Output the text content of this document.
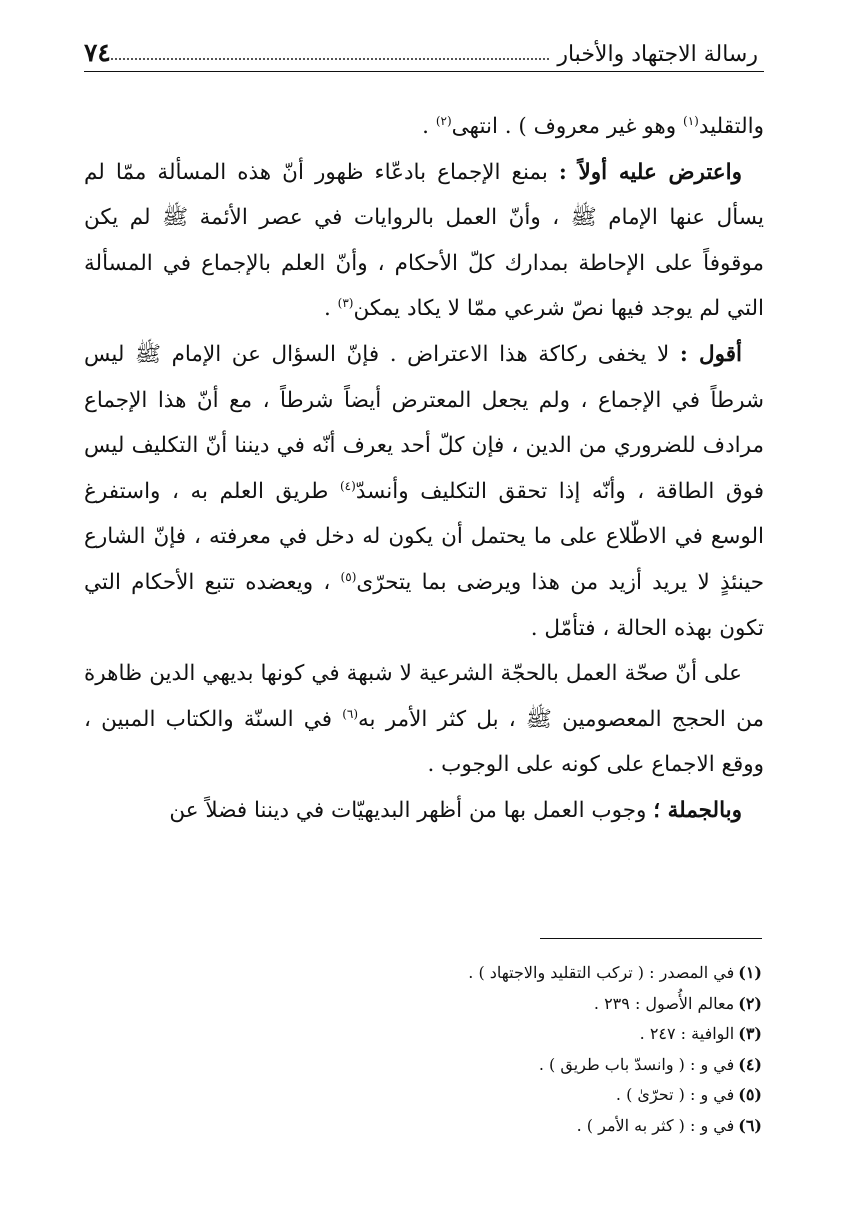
رسالة الاجتهاد والأخبار
٧٤

والتقليد$^{(١)}$ وهو غير معروف ) . انتهى$^{(٢)}$ .

واعترض عليه أولاً : بمنع الإجماع بادعّاء ظهور أنّ هذه المسألة ممّا لم يسأل عنها الإمام ﷺ ، وأنّ العمل بالروايات في عصر الأئمة ﷺ لم يكن موقوفاً على الإحاطة بمدارك كلّ الأحكام ، وأنّ العلم بالإجماع في المسألة التي لم يوجد فيها نصّ شرعي ممّا لا يكاد يمكن$^{(٣)}$ .

أقول : لا يخفى ركاكة هذا الاعتراض . فإنّ السؤال عن الإمام ﷺ ليس شرطاً في الإجماع ، ولم يجعل المعترض أيضاً شرطاً ، مع أنّ هذا الإجماع مرادف للضروري من الدين ، فإن كلّ أحد يعرف أنّه في ديننا أنّ التكليف ليس فوق الطاقة ، وأنّه إذا تحقق التكليف وأنسدّ$^{(٤)}$ طريق العلم به ، واستفرغ الوسع في الاطّلاع على ما يحتمل أن يكون له دخل في معرفته ، فإنّ الشارع حينئذٍ لا يريد أزيد من هذا ويرضى بما يتحرّى$^{(٥)}$ ، ويعضده تتبع الأحكام التي تكون بهذه الحالة ، فتأمّل .

على أنّ صحّة العمل بالحجّة الشرعية لا شبهة في كونها بديهي الدين ظاهرة من الحجج المعصومين ﷺ ، بل كثر الأمر به$^{(٦)}$ في السنّة والكتاب المبين ، ووقع الاجماع على كونه على الوجوب .

وبالجملة ؛ وجوب العمل بها من أظهر البديهيّات في ديننا فضلاً عن

(١)في المصدر : ( تركب التقليد والاجتهاد ) .

(٢)معالم الأُصول : ٢٣٩ .

(٣)الوافية : ٢٤٧ .

(٤)في و : ( وانسدّ باب طريق ) .

(٥)في و : ( تحرّىٰ ) .

(٦)في و : ( كثر به الأمر ) .
